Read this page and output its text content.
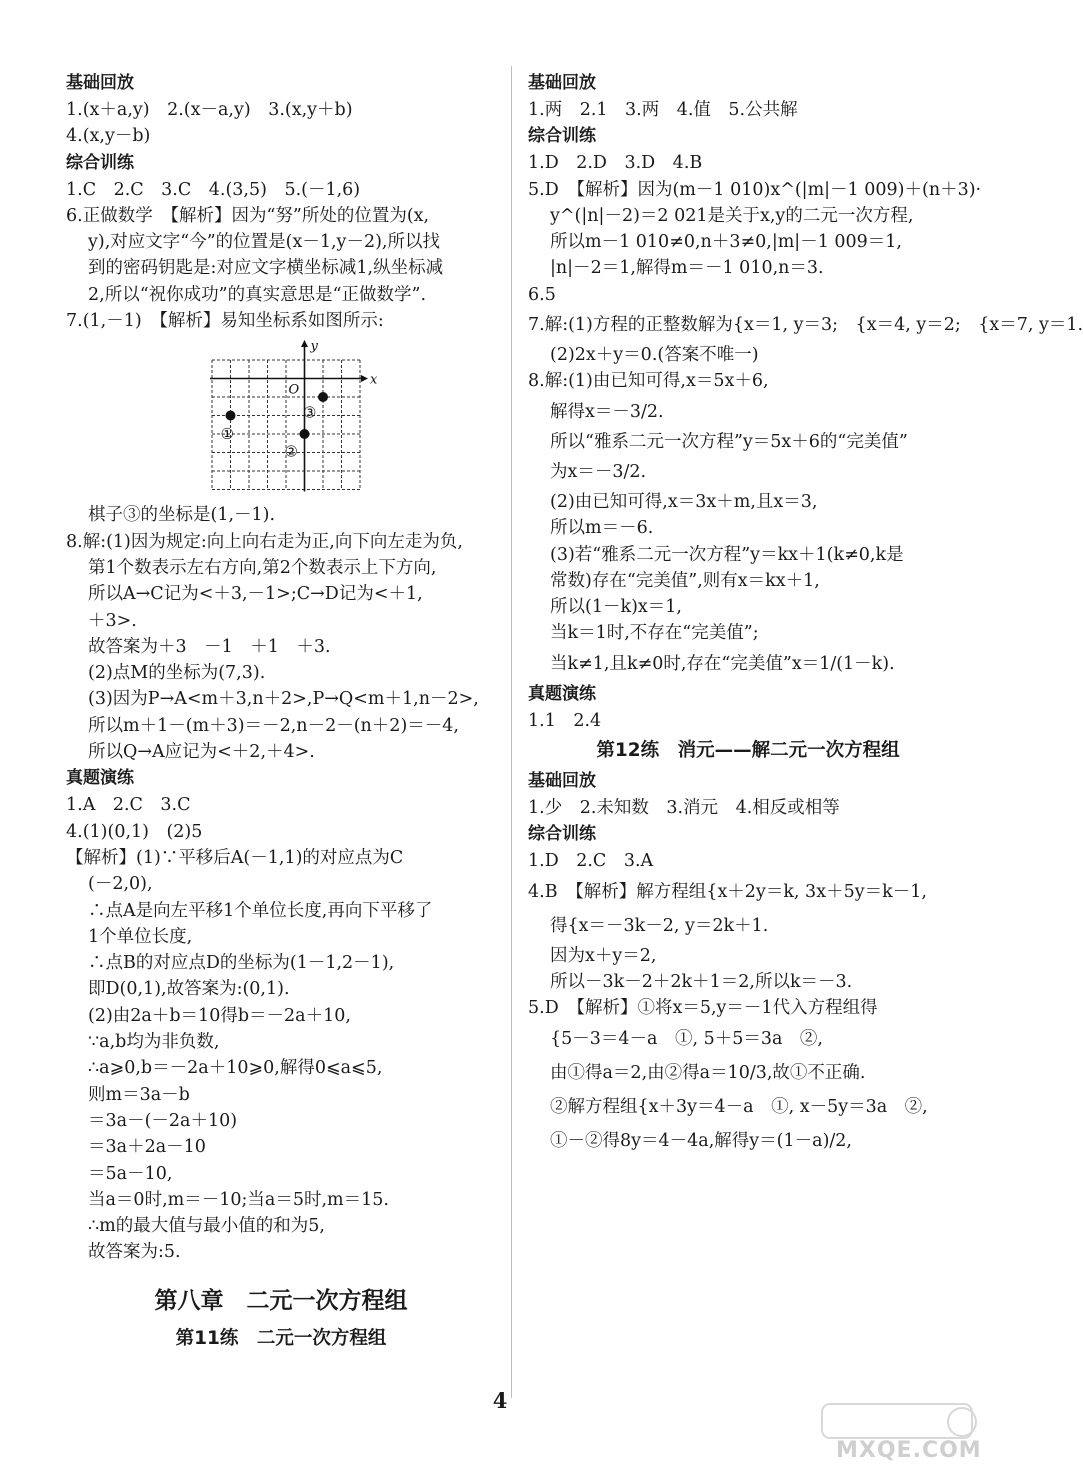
基础回放
1.(x＋a,y)　2.(x－a,y)　3.(x,y＋b)
4.(x,y－b)
综合训练
1.C　2.C　3.C　4.(3,5)　5.(－1,6)
6.正做数学　【解析】因为“努”所处的位置为(x,
y),对应文字“今”的位置是(x－1,y－2),所以找
到的密码钥匙是:对应文字横坐标减1,纵坐标减
2,所以“祝你成功”的真实意思是“正做数学”.
7.(1,－1)　【解析】易知坐标系如图所示:
x
y
O
①
②
③
棋子③的坐标是(1,－1).
8.解:(1)因为规定:向上向右走为正,向下向左走为负,
第1个数表示左右方向,第2个数表示上下方向,
所以A→C记为<＋3,－1>;C→D记为<＋1,
＋3>.
故答案为＋3　－1　＋1　＋3.
(2)点M的坐标为(7,3).
(3)因为P→A<m＋3,n＋2>,P→Q<m＋1,n－2>,
所以m＋1－(m＋3)＝－2,n－2－(n＋2)＝－4,
所以Q→A应记为<＋2,＋4>.
真题演练
1.A　2.C　3.C
4.(1)(0,1)　(2)5
【解析】(1)∵平移后A(－1,1)的对应点为C
(－2,0),
∴点A是向左平移1个单位长度,再向下平移了
1个单位长度,
∴点B的对应点D的坐标为(1－1,2－1),
即D(0,1),故答案为:(0,1).
(2)由2a＋b＝10得b＝－2a＋10,
∵a,b均为非负数,
∴a⩾0,b＝－2a＋10⩾0,解得0⩽a⩽5,
则m＝3a－b
＝3a－(－2a＋10)
＝3a＋2a－10
＝5a－10,
当a＝0时,m＝－10;当a＝5时,m＝15.
∴m的最大值与最小值的和为5,
故答案为:5.
第八章　二元一次方程组
第11练　二元一次方程组
基础回放
1.两　2.1　3.两　4.值　5.公共解
综合训练
1.D　2.D　3.D　4.B
5.D　【解析】因为(m－1 010)x^(|m|－1 009)＋(n＋3)·
y^(|n|－2)＝2 021是关于x,y的二元一次方程,
所以m－1 010≠0,n＋3≠0,|m|－1 009＝1,
|n|－2＝1,解得m＝－1 010,n＝3.
6.5
7.解:(1)方程的正整数解为{x＝1, y＝3;　{x＝4, y＝2;　{x＝7, y＝1.
(2)2x＋y＝0.(答案不唯一)
8.解:(1)由已知可得,x＝5x＋6,
解得x＝－3/2.
所以“雅系二元一次方程”y＝5x＋6的“完美值”
为x＝－3/2.
(2)由已知可得,x＝3x＋m,且x＝3,
所以m＝－6.
(3)若“雅系二元一次方程”y＝kx＋1(k≠0,k是
常数)存在“完美值”,则有x＝kx＋1,
所以(1－k)x＝1,
当k＝1时,不存在“完美值”;
当k≠1,且k≠0时,存在“完美值”x＝1/(1－k).
真题演练
1.1　2.4
第12练　消元——解二元一次方程组
基础回放
1.少　2.未知数　3.消元　4.相反或相等
综合训练
1.D　2.C　3.A
4.B　【解析】解方程组{x＋2y＝k, 3x＋5y＝k－1,
得{x＝－3k－2, y＝2k＋1.
因为x＋y＝2,
所以－3k－2＋2k＋1＝2,所以k＝－3.
5.D　【解析】①将x＝5,y＝－1代入方程组得
{5－3＝4－a　①, 5＋5＝3a　②,
由①得a＝2,由②得a＝10/3,故①不正确.
②解方程组{x＋3y＝4－a　①, x－5y＝3a　②,
①－②得8y＝4－4a,解得y＝(1－a)/2,
4
MXQE.COM
